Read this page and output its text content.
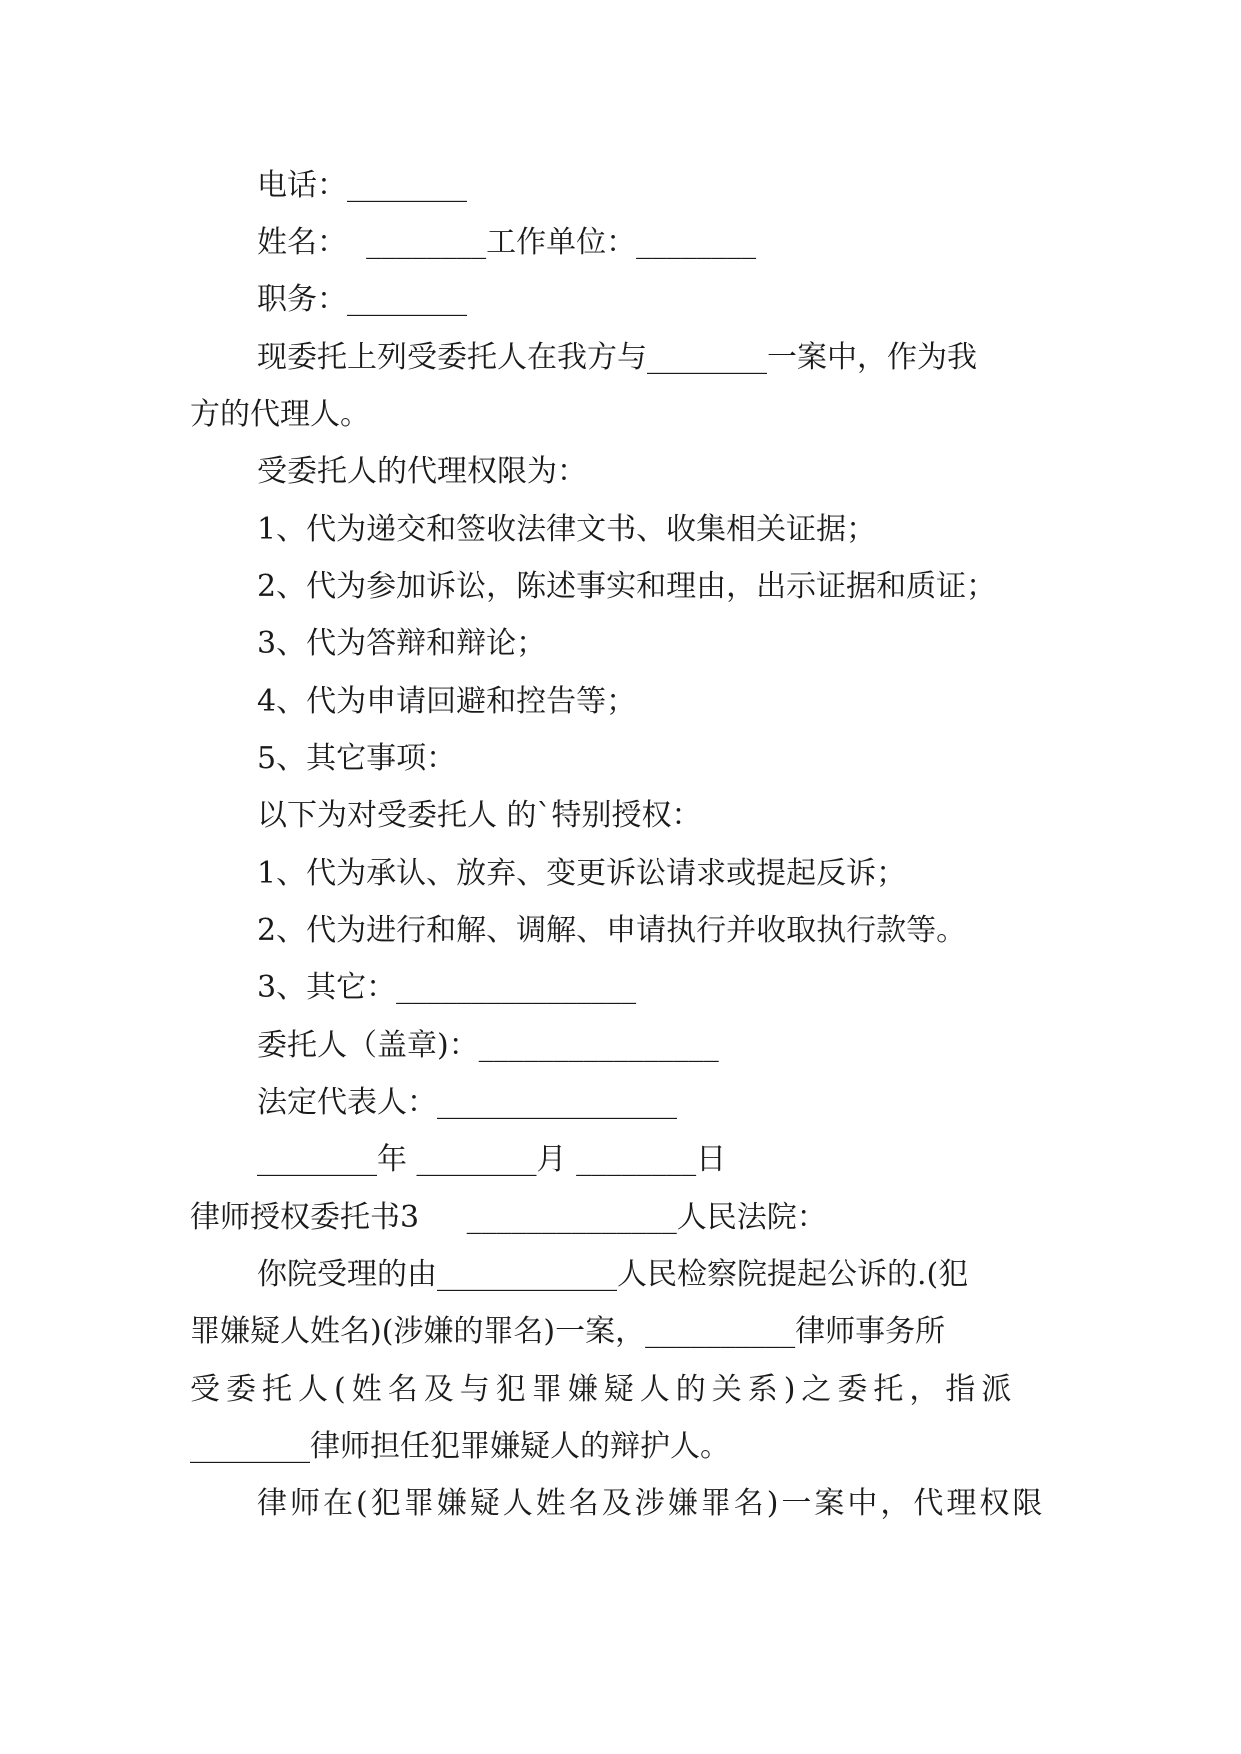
电话：________
姓名：  ________工作单位：________
职务：________
现委托上列受委托人在我方与________一案中，作为我
方的代理人。
受委托人的代理权限为：
1、代为递交和签收法律文书、收集相关证据；
2、代为参加诉讼，陈述事实和理由，出示证据和质证；
3、代为答辩和辩论；
4、代为申请回避和控告等；
5、其它事项：
以下为对受委托人 的`特别授权：
1、代为承认、放弃、变更诉讼请求或提起反诉；
2、代为进行和解、调解、申请执行并收取执行款等。
3、其它：________________
委托人（盖章)：________________
法定代表人：________________
________年 ________月 ________日
律师授权委托书3     ______________人民法院：
你院受理的由____________人民检察院提起公诉的.(犯
罪嫌疑人姓名)(涉嫌的罪名)一案，__________律师事务所
受委托人(姓名及与犯罪嫌疑人的关系)之委托，指派
________律师担任犯罪嫌疑人的辩护人。
律师在(犯罪嫌疑人姓名及涉嫌罪名)一案中，代理权限
